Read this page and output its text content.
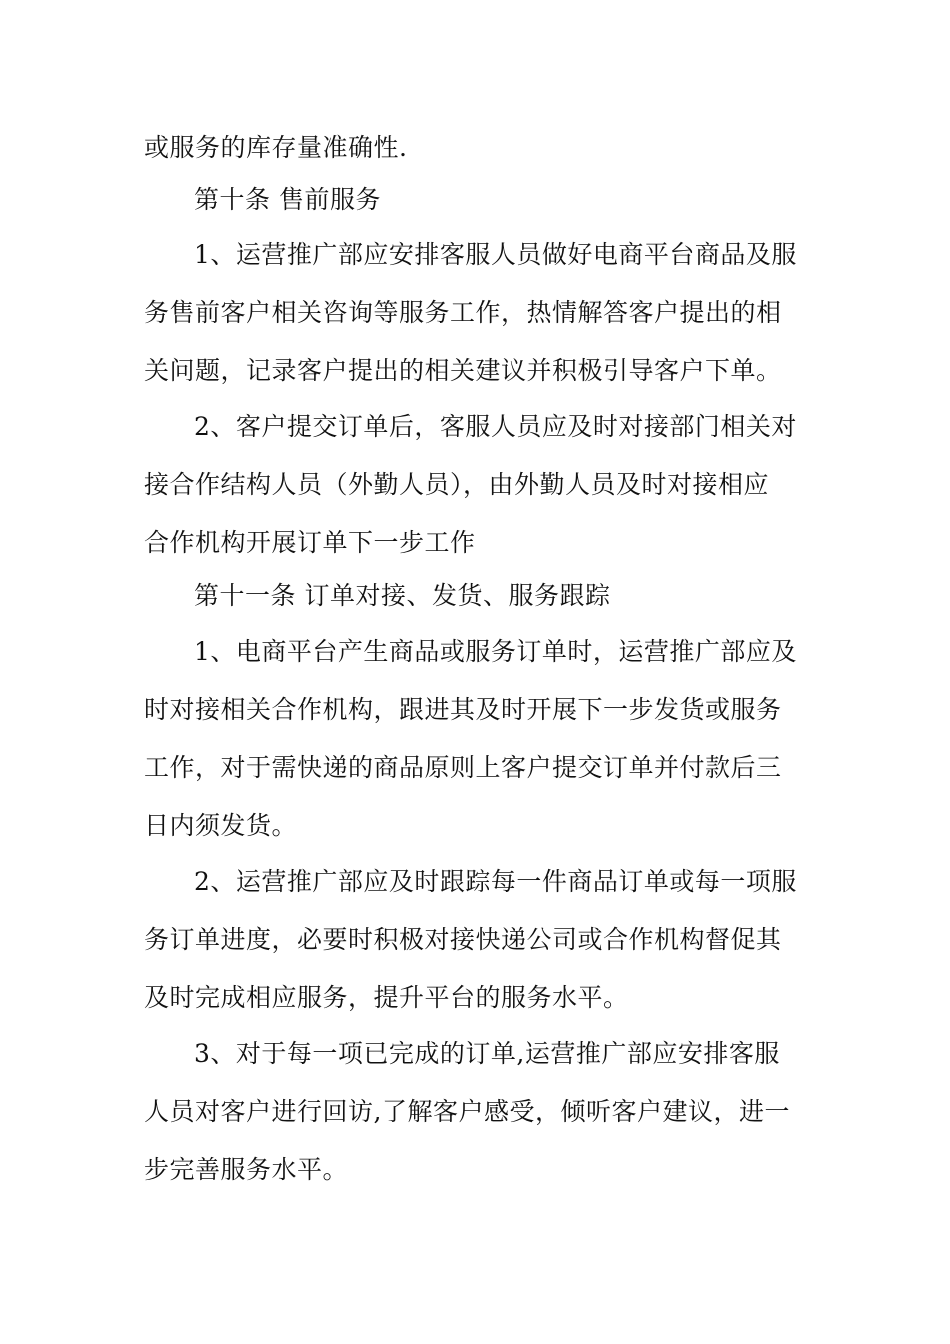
或服务的库存量准确性.
第十条 售前服务
1、运营推广部应安排客服人员做好电商平台商品及服
务售前客户相关咨询等服务工作，热情解答客户提出的相
关问题，记录客户提出的相关建议并积极引导客户下单。
2、客户提交订单后，客服人员应及时对接部门相关对
接合作结构人员（外勤人员），由外勤人员及时对接相应
合作机构开展订单下一步工作
第十一条 订单对接、发货、服务跟踪
1、电商平台产生商品或服务订单时，运营推广部应及
时对接相关合作机构，跟进其及时开展下一步发货或服务
工作，对于需快递的商品原则上客户提交订单并付款后三
日内须发货。
2、运营推广部应及时跟踪每一件商品订单或每一项服
务订单进度，必要时积极对接快递公司或合作机构督促其
及时完成相应服务，提升平台的服务水平。
3、对于每一项已完成的订单,运营推广部应安排客服
人员对客户进行回访,了解客户感受，倾听客户建议，进一
步完善服务水平。
